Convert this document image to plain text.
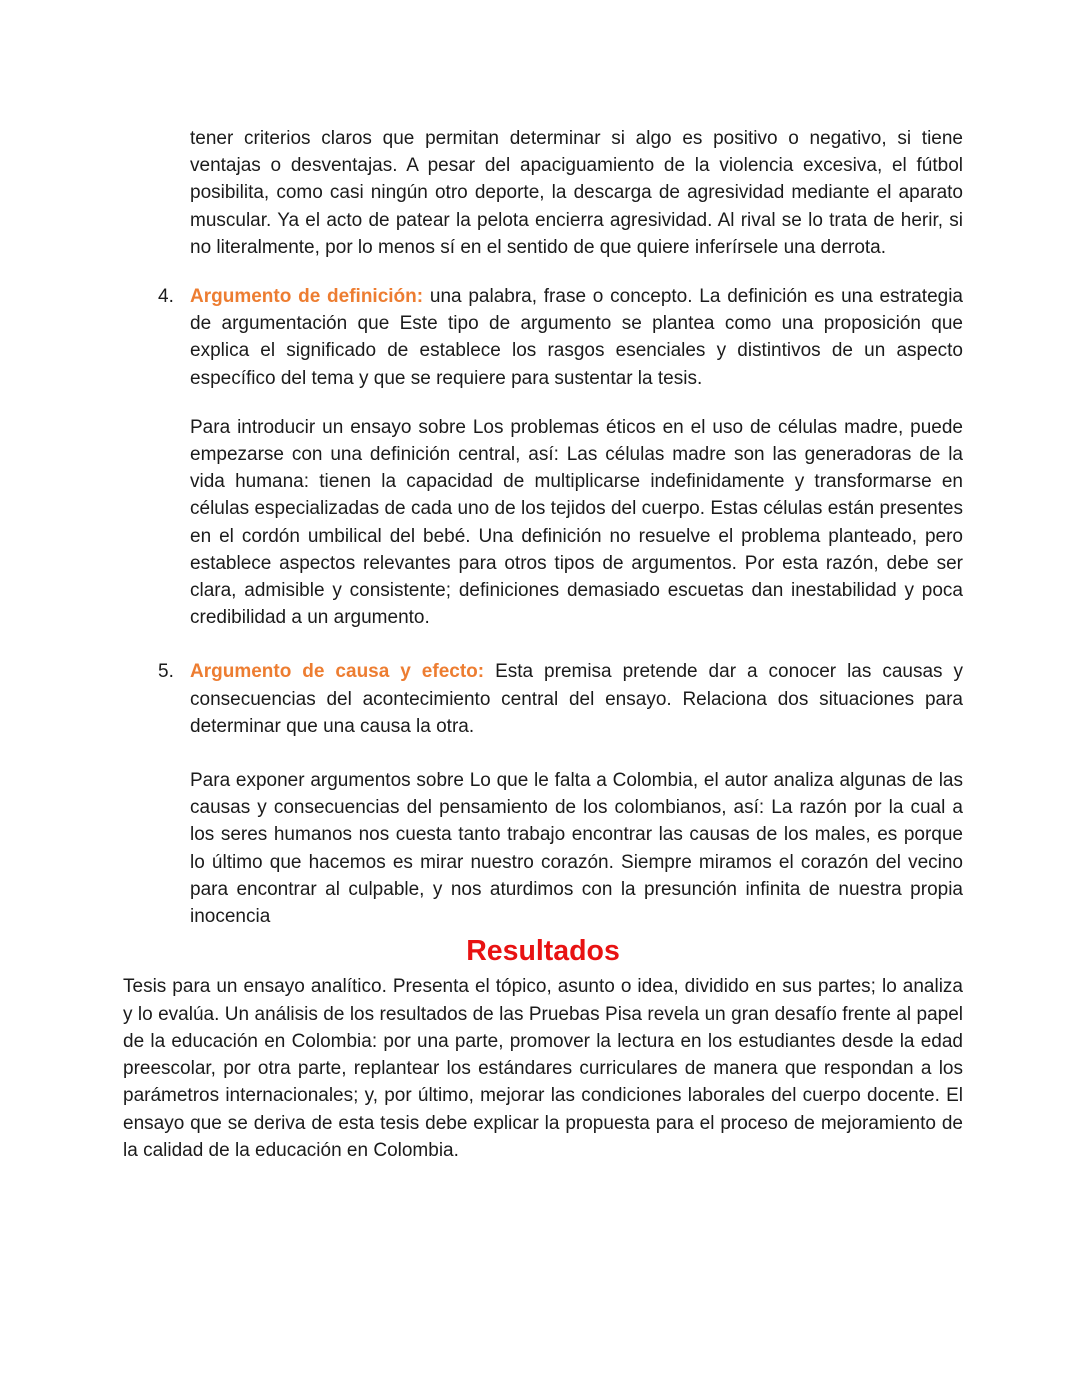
tener criterios claros que permitan determinar si algo es positivo o negativo, si tiene ventajas o desventajas. A pesar del apaciguamiento de la violencia excesiva, el fútbol posibilita, como casi ningún otro deporte, la descarga de agresividad mediante el aparato muscular. Ya el acto de patear la pelota encierra agresividad. Al rival se lo trata de herir, si no literalmente, por lo menos sí en el sentido de que quiere inferírsele una derrota.

4. Argumento de definición: una palabra, frase o concepto. La definición es una estrategia de argumentación que Este tipo de argumento se plantea como una proposición que explica el significado de establece los rasgos esenciales y distintivos de un aspecto específico del tema y que se requiere para sustentar la tesis.

Para introducir un ensayo sobre Los problemas éticos en el uso de células madre, puede empezarse con una definición central, así: Las células madre son las generadoras de la vida humana: tienen la capacidad de multiplicarse indefinidamente y transformarse en células especializadas de cada uno de los tejidos del cuerpo. Estas células están presentes en el cordón umbilical del bebé. Una definición no resuelve el problema planteado, pero establece aspectos relevantes para otros tipos de argumentos. Por esta razón, debe ser clara, admisible y consistente; definiciones demasiado escuetas dan inestabilidad y poca credibilidad a un argumento.

5. Argumento de causa y efecto: Esta premisa pretende dar a conocer las causas y consecuencias del acontecimiento central del ensayo. Relaciona dos situaciones para determinar que una causa la otra.

Para exponer argumentos sobre Lo que le falta a Colombia, el autor analiza algunas de las causas y consecuencias del pensamiento de los colombianos, así: La razón por la cual a los seres humanos nos cuesta tanto trabajo encontrar las causas de los males, es porque lo último que hacemos es mirar nuestro corazón. Siempre miramos el corazón del vecino para encontrar al culpable, y nos aturdimos con la presunción infinita de nuestra propia inocencia

Resultados

Tesis para un ensayo analítico. Presenta el tópico, asunto o idea, dividido en sus partes; lo analiza y lo evalúa. Un análisis de los resultados de las Pruebas Pisa revela un gran desafío frente al papel de la educación en Colombia: por una parte, promover la lectura en los estudiantes desde la edad preescolar, por otra parte, replantear los estándares curriculares de manera que respondan a los parámetros internacionales; y, por último, mejorar las condiciones laborales del cuerpo docente. El ensayo que se deriva de esta tesis debe explicar la propuesta para el proceso de mejoramiento de la calidad de la educación en Colombia.
